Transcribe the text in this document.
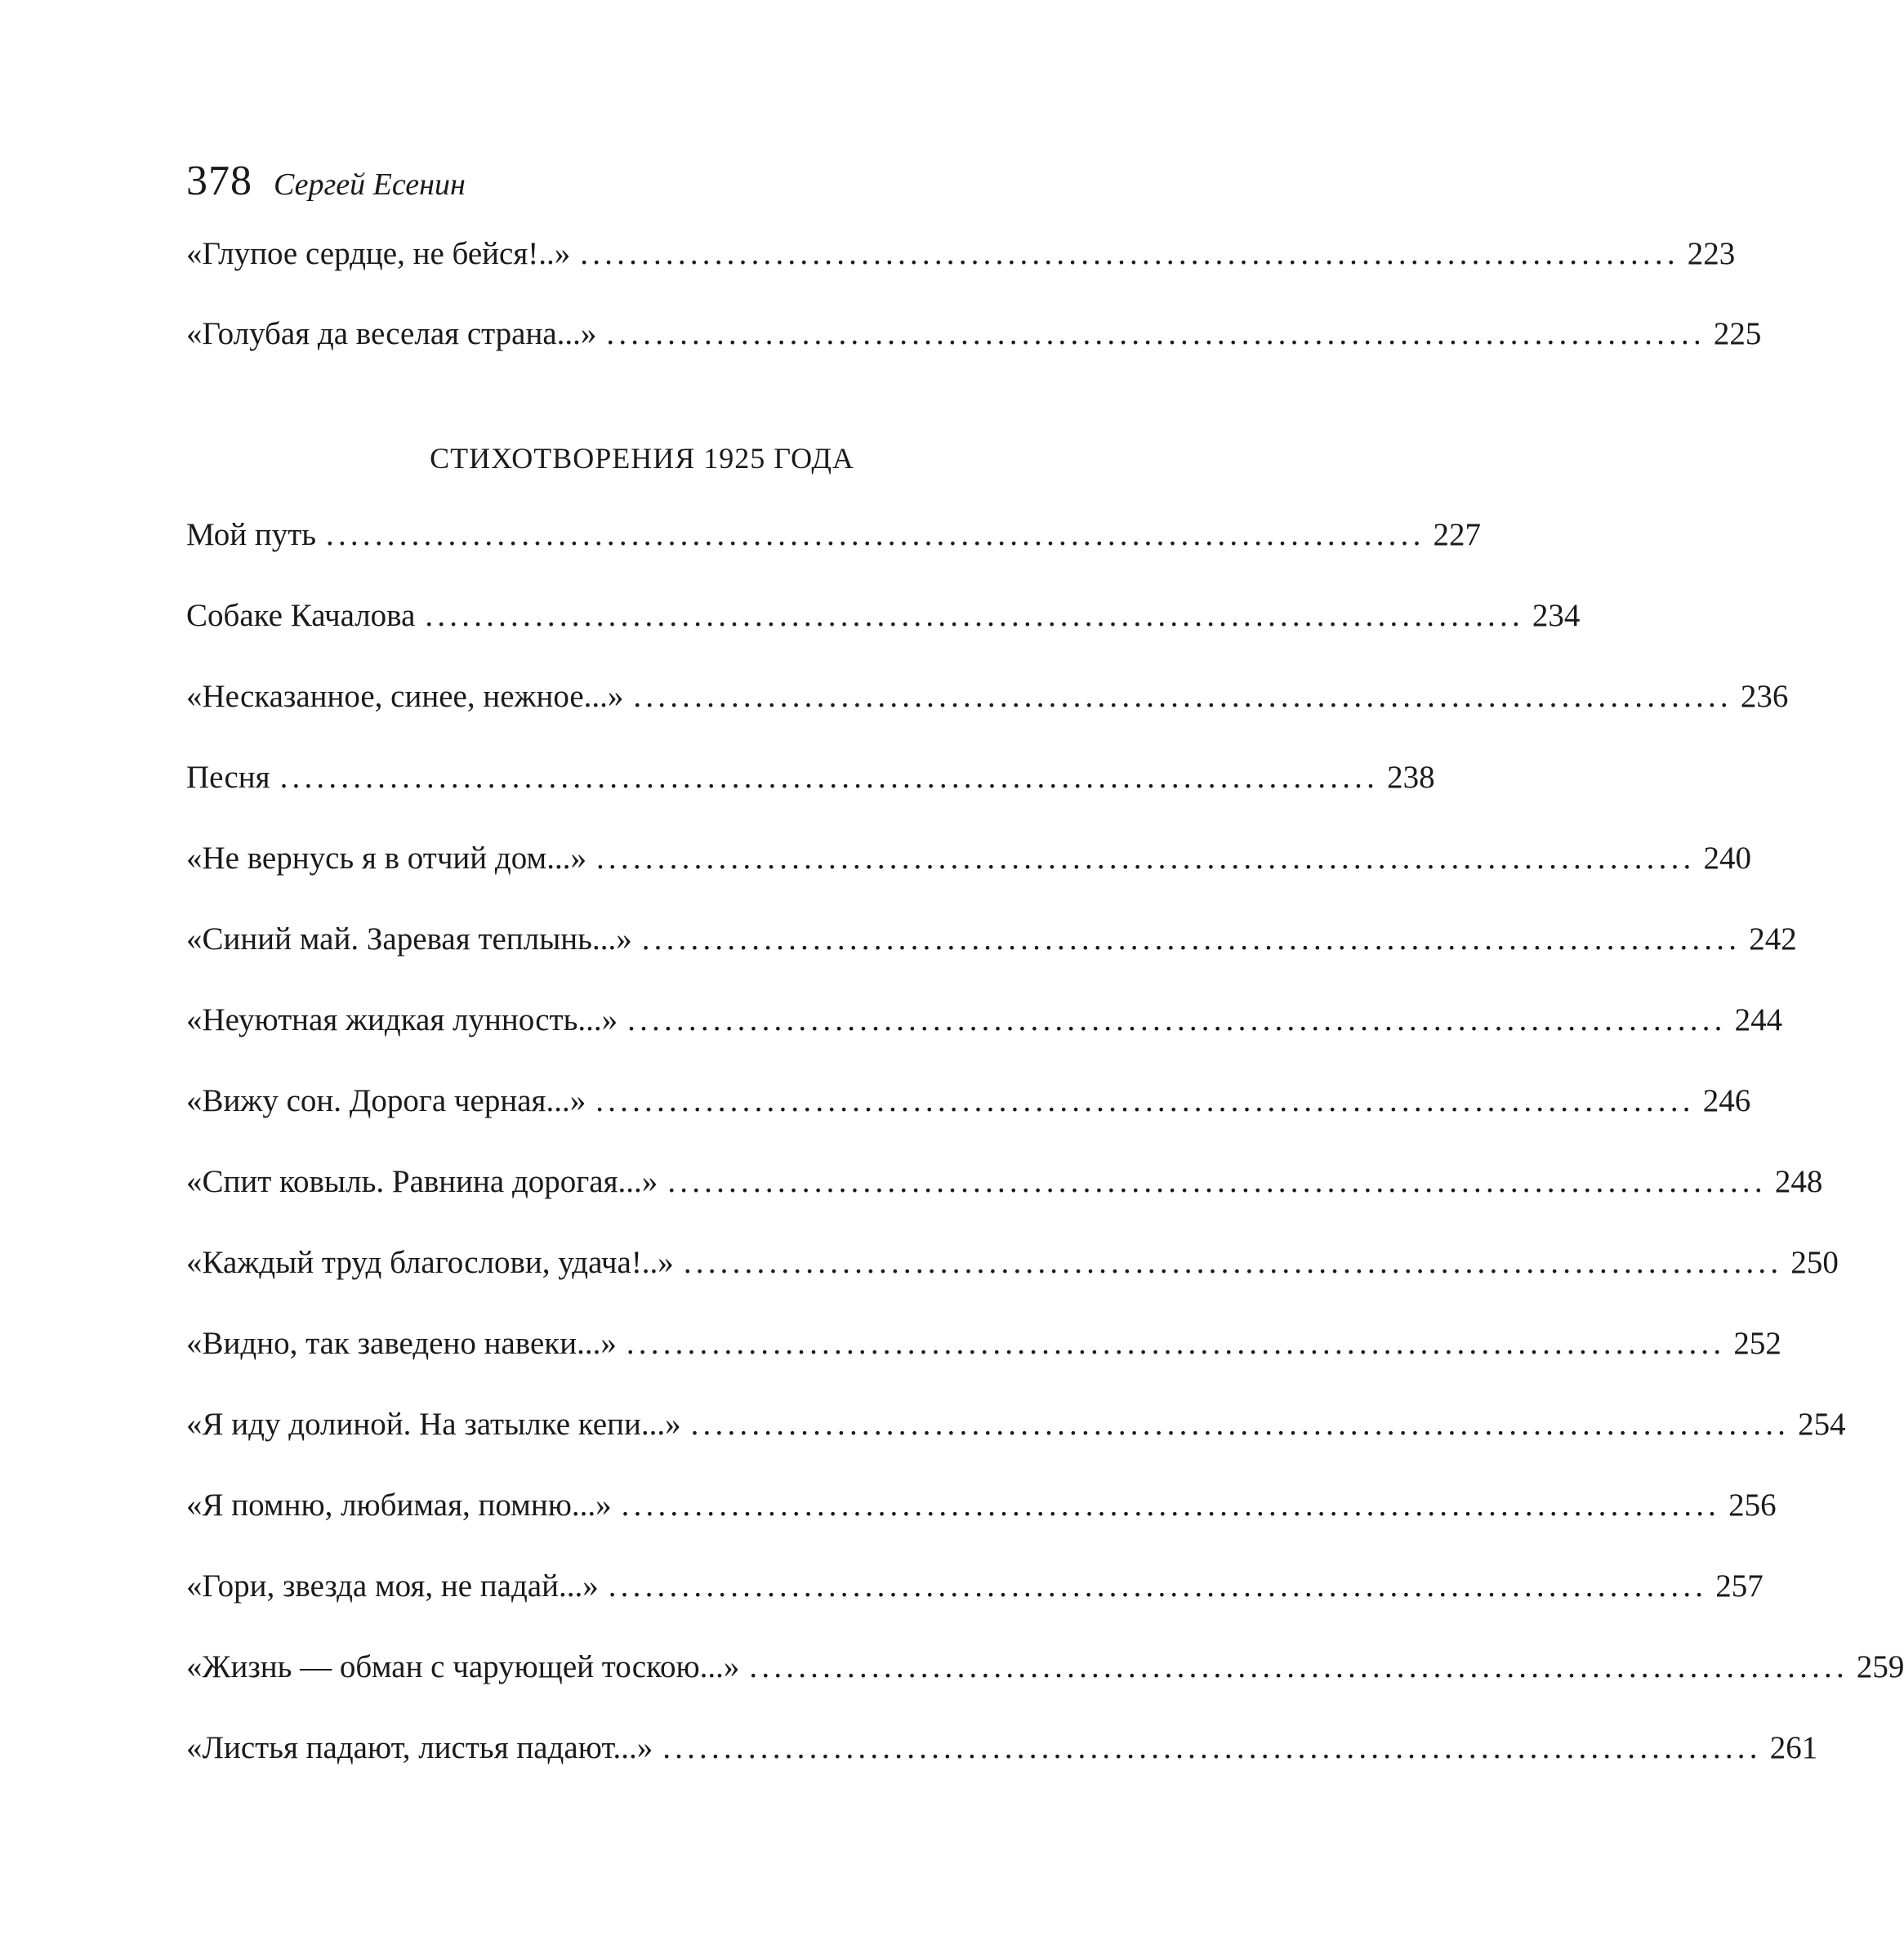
378 Сергей Есенин
«Глупое сердце, не бейся!..» .......................................................................................... 223
«Голубая да веселая страна...» .......................................................................................... 225
СТИХОТВОРЕНИЯ 1925 ГОДА
Мой путь .......................................................................................... 227
Собаке Качалова .......................................................................................... 234
«Несказанное, синее, нежное...» .......................................................................................... 236
Песня .......................................................................................... 238
«Не вернусь я в отчий дом...» .......................................................................................... 240
«Синий май. Заревая теплынь...» .......................................................................................... 242
«Неуютная жидкая лунность...» .......................................................................................... 244
«Вижу сон. Дорога черная...» .......................................................................................... 246
«Спит ковыль. Равнина дорогая...» .......................................................................................... 248
«Каждый труд благослови, удача!..» .......................................................................................... 250
«Видно, так заведено навеки...» .......................................................................................... 252
«Я иду долиной. На затылке кепи...» .......................................................................................... 254
«Я помню, любимая, помню...» .......................................................................................... 256
«Гори, звезда моя, не падай...» .......................................................................................... 257
«Жизнь — обман с чарующей тоскою...» .......................................................................................... 259
«Листья падают, листья падают...» .......................................................................................... 261
